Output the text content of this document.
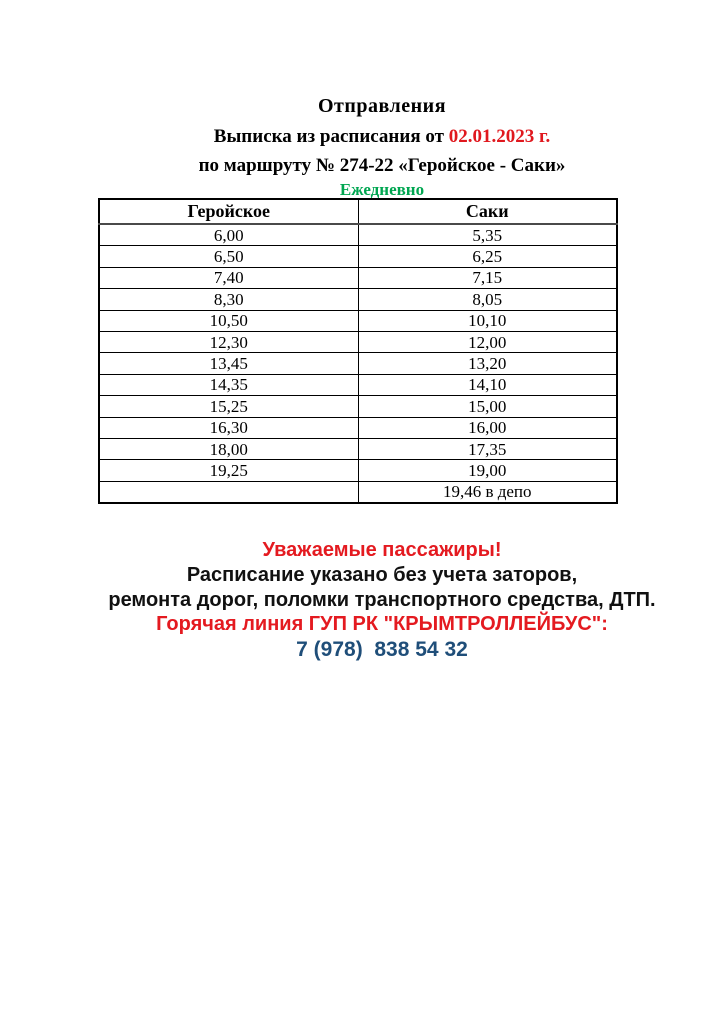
Отправления
Выписка из расписания от 02.01.2023 г.
по маршруту № 274-22 «Геройское - Саки»
Ежедневно
Геройское	Саки
6,00	5,35
6,50	6,25
7,40	7,15
8,30	8,05
10,50	10,10
12,30	12,00
13,45	13,20
14,35	14,10
15,25	15,00
16,30	16,00
18,00	17,35
19,25	19,00
	19,46 в депо
Уважаемые пассажиры!
Расписание указано без учета заторов,
ремонта дорог, поломки транспортного средства, ДТП.
Горячая линия ГУП РК "КРЫМТРОЛЛЕЙБУС":
7 (978)  838 54 32
